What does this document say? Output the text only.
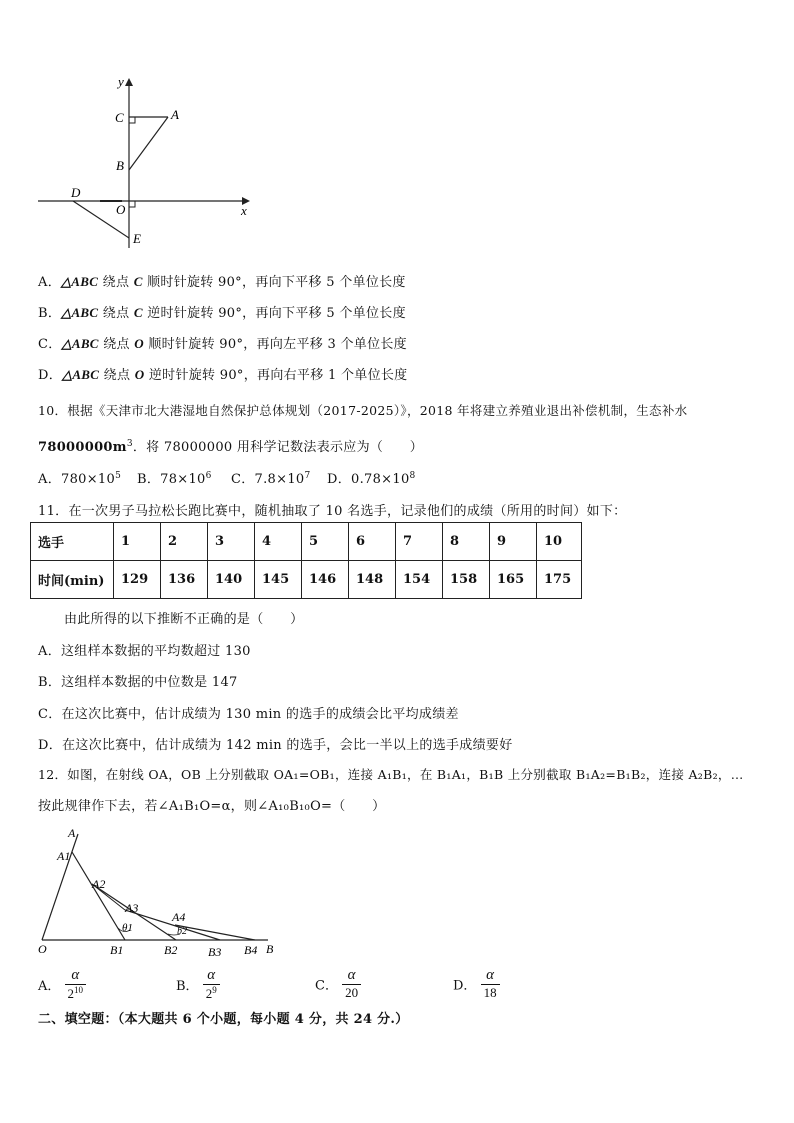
y
C	A
B
D
O	x
E
A．△ABC 绕点 C 顺时针旋转 90°，再向下平移 5 个单位长度
B．△ABC 绕点 C 逆时针旋转 90°，再向下平移 5 个单位长度
C．△ABC 绕点 O 顺时针旋转 90°，再向左平移 3 个单位长度
D．△ABC 绕点 O 逆时针旋转 90°，再向右平移 1 个单位长度
10．根据《天津市北大港湿地自然保护总体规划（2017-2025）》，2018 年将建立养殖业退出补偿机制，生态补水
$78000000m^3$．将 78000000 用科学记数法表示应为（　　）
A．$780\times 10^5$ B．$78\times 10^6$ C．$7.8\times 10^7$ D．$0.78\times 10^8$
11．在一次男子马拉松长跑比赛中，随机抽取了 10 名选手，记录他们的成绩（所用的时间）如下：
选手	1	2	3	4	5	6	7	8	9	10
时间(min)	129	136	140	145	146	148	154	158	165	175
由此所得的以下推断不正确的是（　　）
A．这组样本数据的平均数超过 130
B．这组样本数据的中位数是 147
C．在这次比赛中，估计成绩为 130 min 的选手的成绩会比平均成绩差
D．在这次比赛中，估计成绩为 142 min 的选手，会比一半以上的选手成绩要好
12．如图，在射线 OA，OB 上分别截取 OA₁=OB₁，连接 A₁B₁，在 B₁A₁，B₁B 上分别截取 B₁A₂=B₁B₂，连接 A₂B₂，…
按此规律作下去，若∠A₁B₁O=α，则∠A₁₀B₁₀O=（　　）
A
A1
A2
A3
A4
θ1	b2
O	B1	B2	B3 B4 B
A． $\frac{\alpha}{2^{10}}$	B． $\frac{\alpha}{2^9}$	C． $\frac{\alpha}{20}$	D． $\frac{\alpha}{18}$
二、填空题：（本大题共 6 个小题，每小题 4 分，共 24 分.）
